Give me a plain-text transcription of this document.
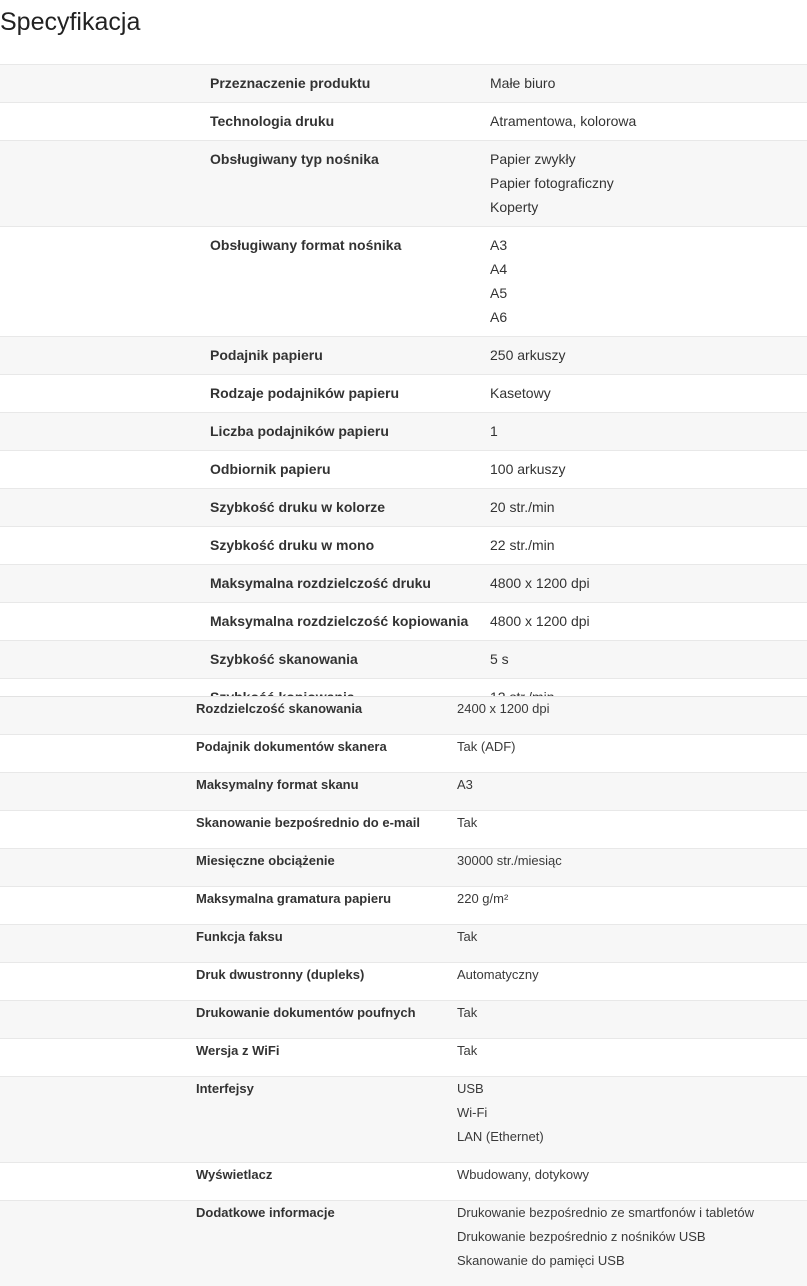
Specyfikacja
Przeznaczenie produktu	Małe biuro
Technologia druku	Atramentowa, kolorowa
Obsługiwany typ nośnika	Papier zwykły
Papier fotograficzny
Koperty
Obsługiwany format nośnika	A3
A4
A5
A6
Podajnik papieru	250 arkuszy
Rodzaje podajników papieru	Kasetowy
Liczba podajników papieru	1
Odbiornik papieru	100 arkuszy
Szybkość druku w kolorze	20 str./min
Szybkość druku w mono	22 str./min
Maksymalna rozdzielczość druku	4800 x 1200 dpi
Maksymalna rozdzielczość kopiowania	4800 x 1200 dpi
Szybkość skanowania	5 s
Rozdzielczość skanowania	2400 x 1200 dpi
Podajnik dokumentów skanera	Tak (ADF)
Maksymalny format skanu	A3
Skanowanie bezpośrednio do e-mail	Tak
Miesięczne obciążenie	30000 str./miesiąc
Maksymalna gramatura papieru	220 g/m²
Funkcja faksu	Tak
Druk dwustronny (dupleks)	Automatyczny
Drukowanie dokumentów poufnych	Tak
Wersja z WiFi	Tak
Interfejsy	USB
Wi-Fi
LAN (Ethernet)
Wyświetlacz	Wbudowany, dotykowy
Dodatkowe informacje	Drukowanie bezpośrednio ze smartfonów i tabletów
Drukowanie bezpośrednio z nośników USB
Skanowanie do pamięci USB
